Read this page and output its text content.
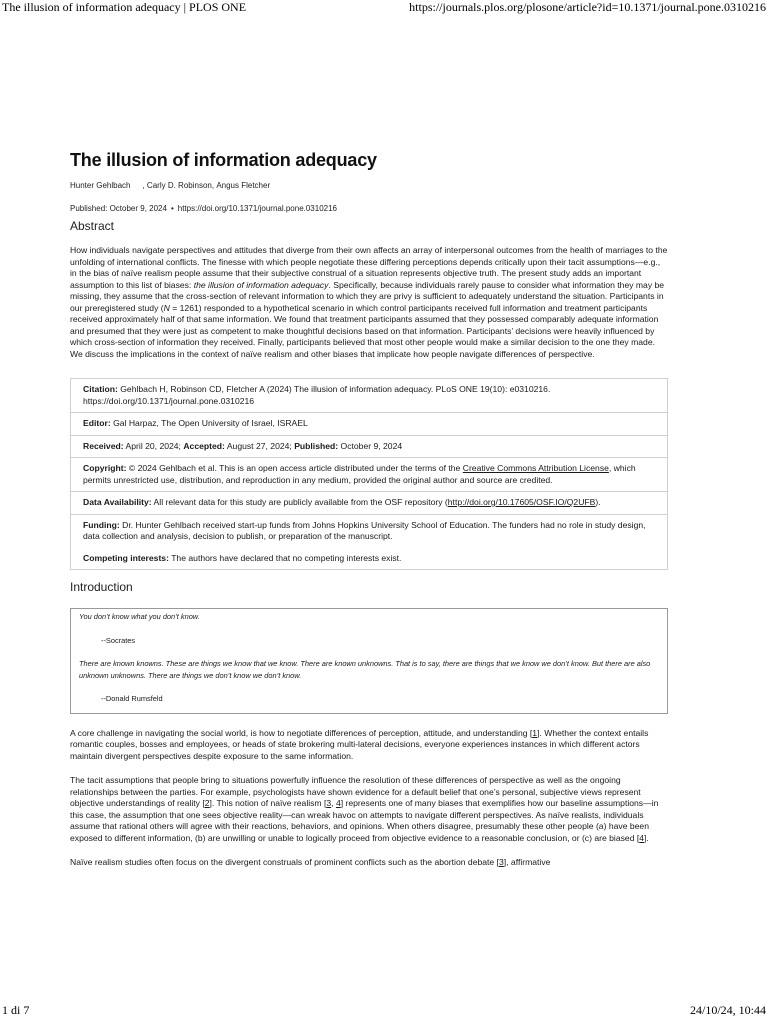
The illusion of information adequacy | PLOS ONE	https://journals.plos.org/plosone/article?id=10.1371/journal.pone.0310216
The illusion of information adequacy
Hunter Gehlbach , Carly D. Robinson, Angus Fletcher
Published: October 9, 2024 • https://doi.org/10.1371/journal.pone.0310216
Abstract

How individuals navigate perspectives and attitudes that diverge from their own affects an array of interpersonal outcomes from the health of marriages to the unfolding of international conflicts. The finesse with which people negotiate these differing perceptions depends critically upon their tacit assumptions—e.g., in the bias of naïve realism people assume that their subjective construal of a situation represents objective truth. The present study adds an important assumption to this list of biases: the illusion of information adequacy. Specifically, because individuals rarely pause to consider what information they may be missing, they assume that the cross-section of relevant information to which they are privy is sufficient to adequately understand the situation. Participants in our preregistered study (N = 1261) responded to a hypothetical scenario in which control participants received full information and treatment participants received approximately half of that same information. We found that treatment participants assumed that they possessed comparably adequate information and presumed that they were just as competent to make thoughtful decisions based on that information. Participants’ decisions were heavily influenced by which cross-section of information they received. Finally, participants believed that most other people would make a similar decision to the one they made. We discuss the implications in the context of naïve realism and other biases that implicate how people navigate differences of perspective.

Citation: Gehlbach H, Robinson CD, Fletcher A (2024) The illusion of information adequacy. PLoS ONE 19(10): e0310216. https://doi.org/10.1371/journal.pone.0310216
Editor: Gal Harpaz, The Open University of Israel, ISRAEL
Received: April 20, 2024; Accepted: August 27, 2024; Published: October 9, 2024
Copyright: © 2024 Gehlbach et al. This is an open access article distributed under the terms of the Creative Commons Attribution License, which permits unrestricted use, distribution, and reproduction in any medium, provided the original author and source are credited.
Data Availability: All relevant data for this study are publicly available from the OSF repository (http://doi.org/10.17605/OSF.IO/Q2UFB).
Funding: Dr. Hunter Gehlbach received start-up funds from Johns Hopkins University School of Education. The funders had no role in study design, data collection and analysis, decision to publish, or preparation of the manuscript.
Competing interests: The authors have declared that no competing interests exist.
Introduction

You don’t know what you don’t know.

--Socrates

There are known knowns. These are things we know that we know. There are known unknowns. That is to say, there are things that we know we don’t know. But there are also unknown unknowns. There are things we don’t know we don’t know.

--Donald Rumsfeld

A core challenge in navigating the social world, is how to negotiate differences of perception, attitude, and understanding [1]. Whether the context entails romantic couples, bosses and employees, or heads of state brokering multi-lateral decisions, everyone experiences instances in which different actors maintain divergent perspectives despite exposure to the same information.

The tacit assumptions that people bring to situations powerfully influence the resolution of these differences of perspective as well as the ongoing relationships between the parties. For example, psychologists have shown evidence for a default belief that one’s personal, subjective views represent objective understandings of reality [2]. This notion of naïve realism [3, 4] represents one of many biases that exemplifies how our baseline assumptions—in this case, the assumption that one sees objective reality—can wreak havoc on attempts to navigate different perspectives. As naïve realists, individuals assume that rational others will agree with their reactions, behaviors, and opinions. When others disagree, presumably these other people (a) have been exposed to different information, (b) are unwilling or unable to logically proceed from objective evidence to a reasonable conclusion, or (c) are biased [4].

Naïve realism studies often focus on the divergent construals of prominent conflicts such as the abortion debate [3], affirmative

1 di 7	24/10/24, 10:44
